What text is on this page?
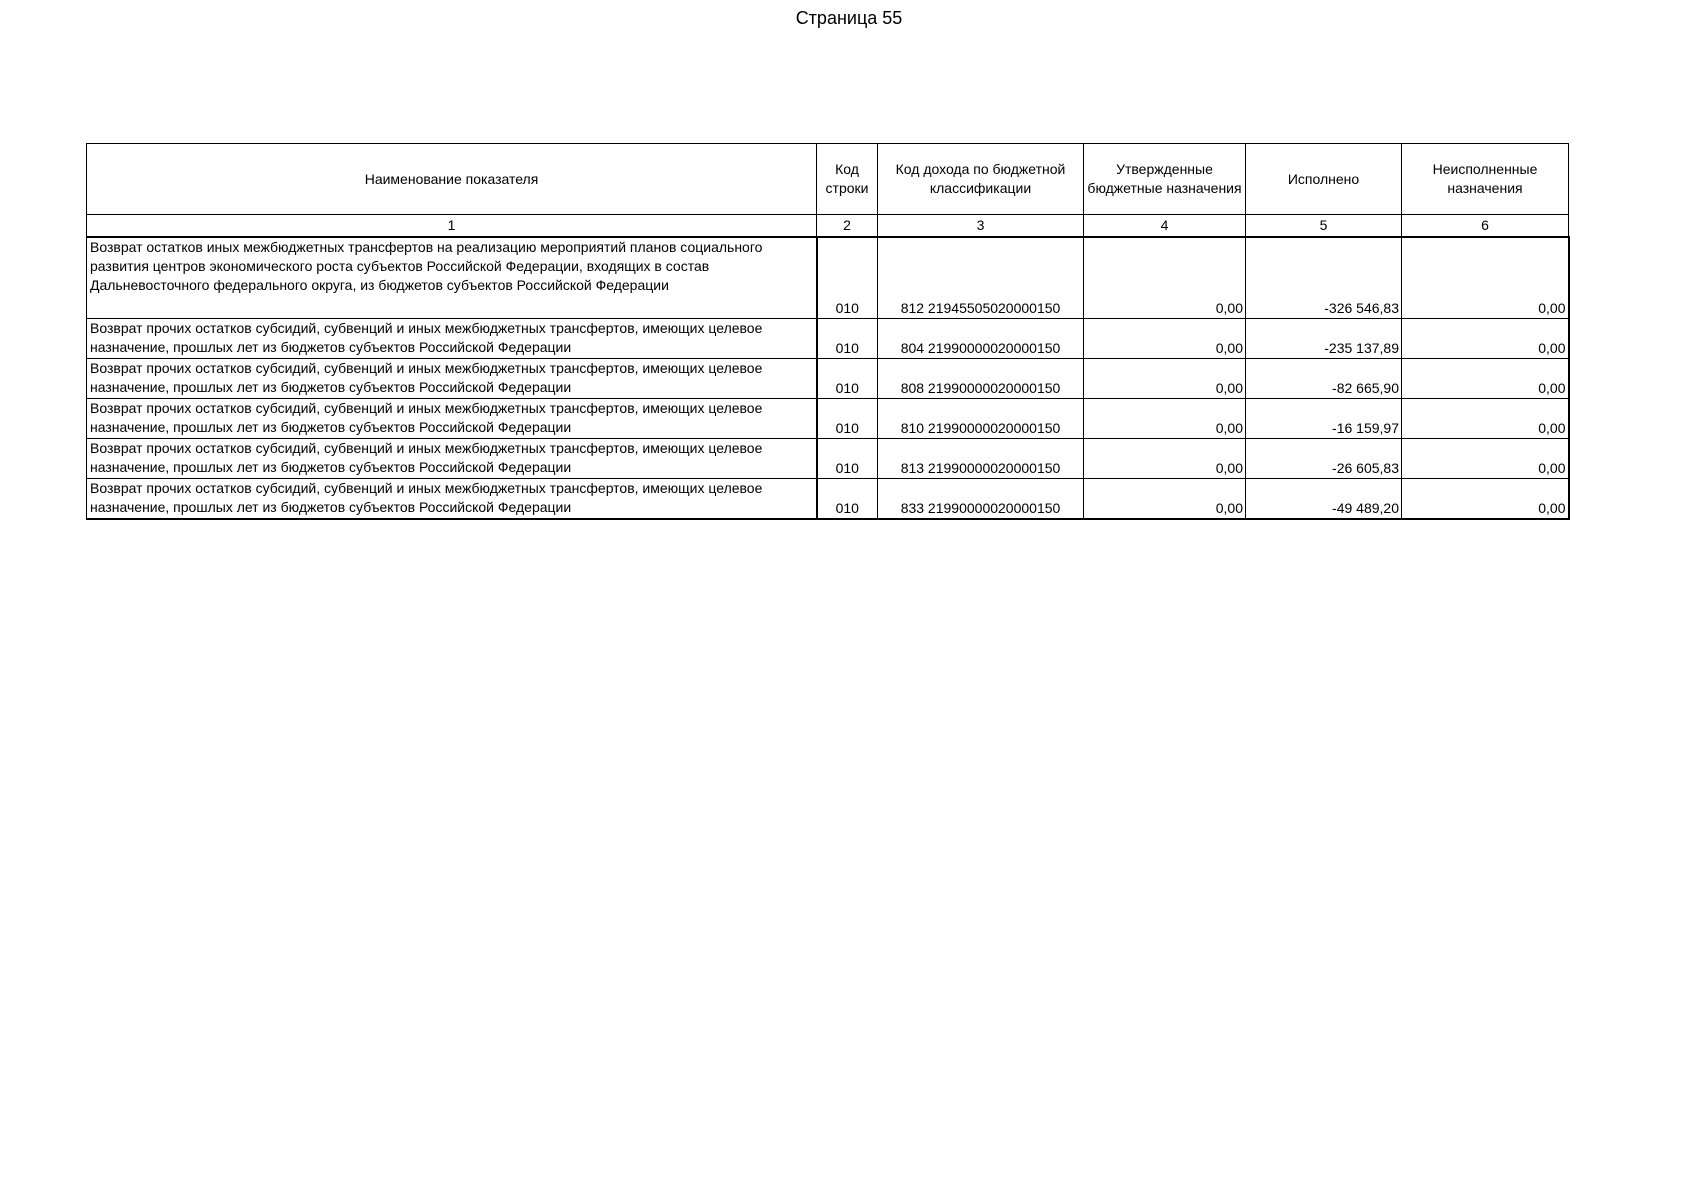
Страница 55
Наименование показателя	Код строки	Код дохода по бюджетной классификации	Утвержденные бюджетные назначения	Исполнено	Неисполненные назначения
1	2	3	4	5	6
Возврат остатков иных межбюджетных трансфертов на реализацию мероприятий планов социального развития центров экономического роста субъектов Российской Федерации, входящих в состав Дальневосточного федерального округа, из бюджетов субъектов Российской Федерации	010	812 21945505020000150	0,00	-326 546,83	0,00
Возврат прочих остатков субсидий, субвенций и иных межбюджетных трансфертов, имеющих целевое назначение, прошлых лет из бюджетов субъектов Российской Федерации	010	804 21990000020000150	0,00	-235 137,89	0,00
Возврат прочих остатков субсидий, субвенций и иных межбюджетных трансфертов, имеющих целевое назначение, прошлых лет из бюджетов субъектов Российской Федерации	010	808 21990000020000150	0,00	-82 665,90	0,00
Возврат прочих остатков субсидий, субвенций и иных межбюджетных трансфертов, имеющих целевое назначение, прошлых лет из бюджетов субъектов Российской Федерации	010	810 21990000020000150	0,00	-16 159,97	0,00
Возврат прочих остатков субсидий, субвенций и иных межбюджетных трансфертов, имеющих целевое назначение, прошлых лет из бюджетов субъектов Российской Федерации	010	813 21990000020000150	0,00	-26 605,83	0,00
Возврат прочих остатков субсидий, субвенций и иных межбюджетных трансфертов, имеющих целевое назначение, прошлых лет из бюджетов субъектов Российской Федерации	010	833 21990000020000150	0,00	-49 489,20	0,00
